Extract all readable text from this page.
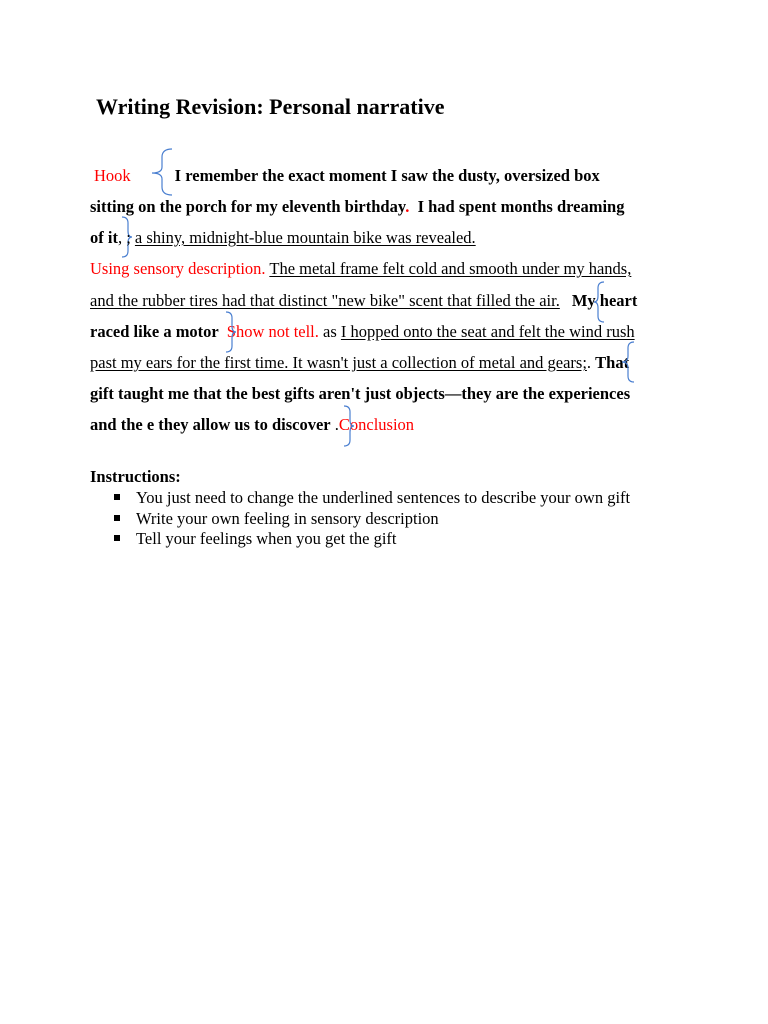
Writing Revision: Personal narrative
Hook	I remember the exact moment I saw the dusty, oversized box
sitting on the porch for my eleventh birthday. I had spent months dreaming
of it, ; a shiny, midnight-blue mountain bike was revealed.
Using sensory description. The metal frame felt cold and smooth under my hands,
and the rubber tires had that distinct "new bike" scent that filled the air. My heart
raced like a motor Show not tell. as I hopped onto the seat and felt the wind rush
past my ears for the first time. It wasn't just a collection of metal and gears;. That
gift taught me that the best gifts aren't just objects—they are the experiences
and the e they allow us to discover .Conclusion
Instructions:
You just need to change the underlined sentences to describe your own gift
Write your own feeling in sensory description
Tell your feelings when you get the gift
